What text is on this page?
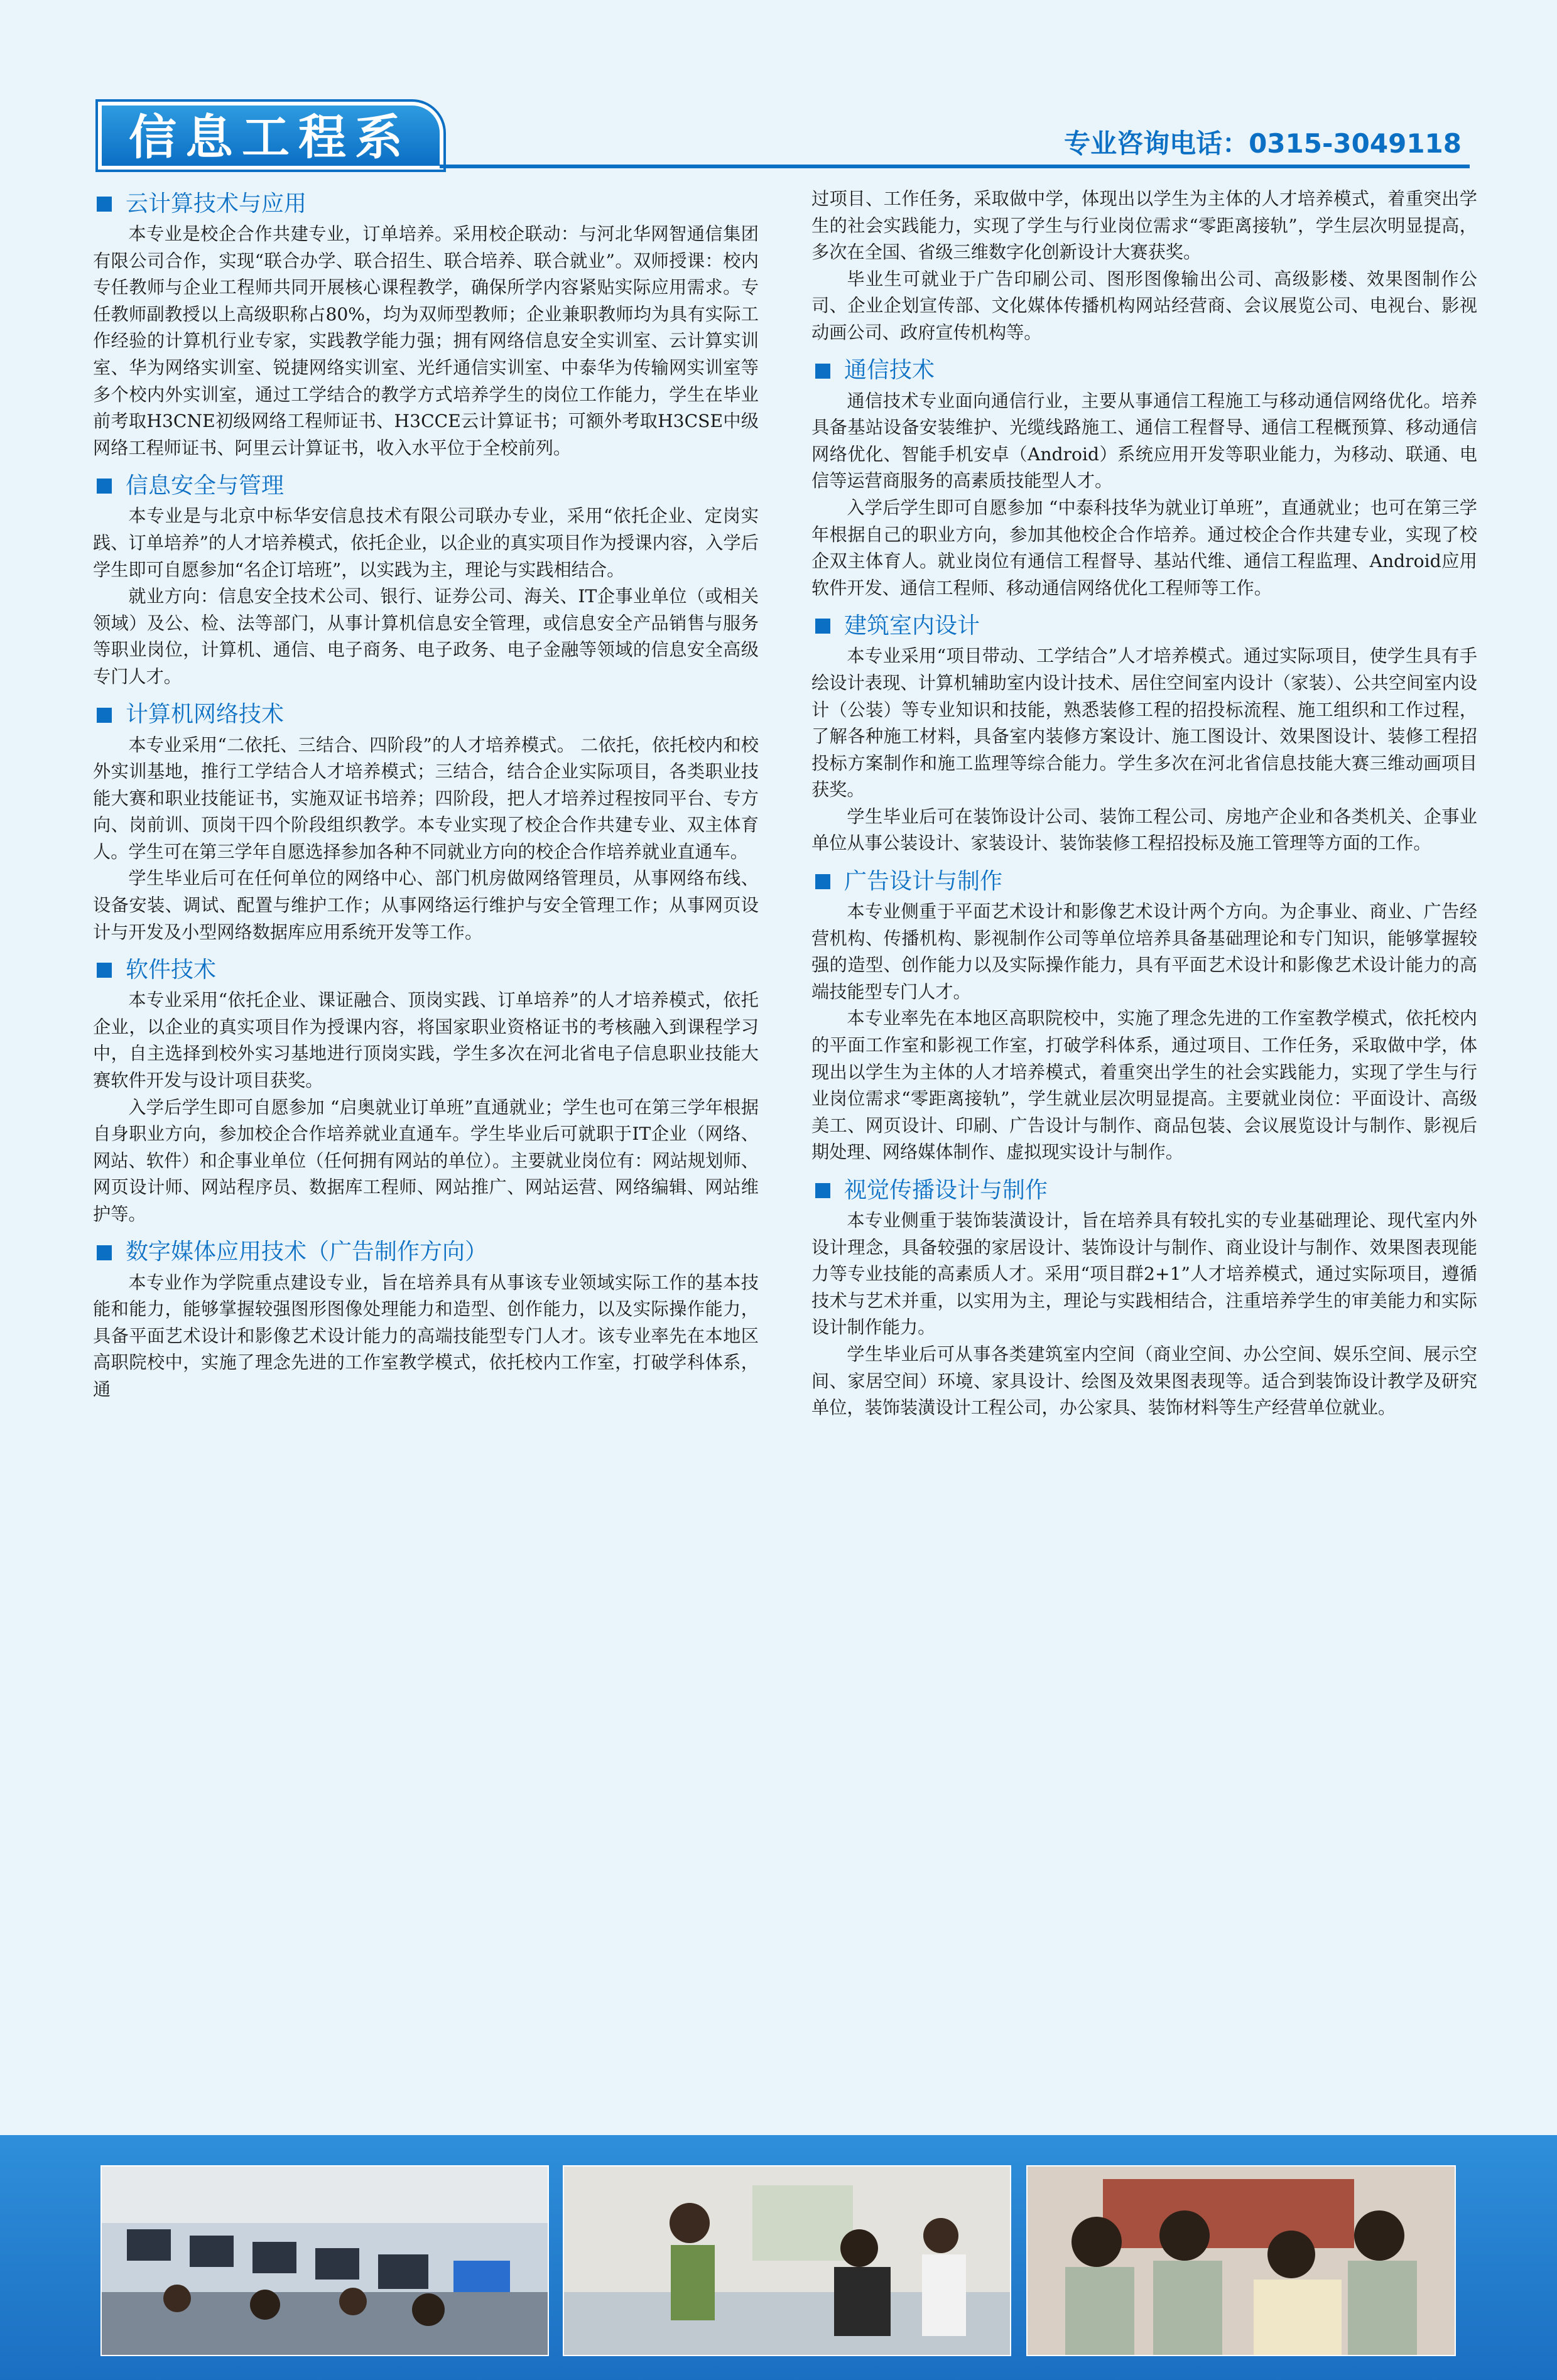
信息工程系	专业咨询电话：0315-3049118
云计算技术与应用

本专业是校企合作共建专业，订单培养。采用校企联动：与河北华网智通信集团有限公司合作，实现“联合办学、联合招生、联合培养、联合就业”。双师授课：校内专任教师与企业工程师共同开展核心课程教学，确保所学内容紧贴实际应用需求。专任教师副教授以上高级职称占80%，均为双师型教师；企业兼职教师均为具有实际工作经验的计算机行业专家，实践教学能力强；拥有网络信息安全实训室、云计算实训室、华为网络实训室、锐捷网络实训室、光纤通信实训室、中泰华为传输网实训室等多个校内外实训室，通过工学结合的教学方式培养学生的岗位工作能力，学生在毕业前考取H3CNE初级网络工程师证书、H3CCE云计算证书；可额外考取H3CSE中级网络工程师证书、阿里云计算证书，收入水平位于全校前列。

信息安全与管理

本专业是与北京中标华安信息技术有限公司联办专业，采用“依托企业、定岗实践、订单培养”的人才培养模式，依托企业，以企业的真实项目作为授课内容，入学后学生即可自愿参加“名企订培班”，以实践为主，理论与实践相结合。

就业方向：信息安全技术公司、银行、证券公司、海关、IT企事业单位（或相关领域）及公、检、法等部门，从事计算机信息安全管理，或信息安全产品销售与服务等职业岗位，计算机、通信、电子商务、电子政务、电子金融等领域的信息安全高级专门人才。

计算机网络技术

本专业采用“二依托、三结合、四阶段”的人才培养模式。 二依托，依托校内和校外实训基地，推行工学结合人才培养模式；三结合，结合企业实际项目，各类职业技能大赛和职业技能证书，实施双证书培养；四阶段，把人才培养过程按同平台、专方向、岗前训、顶岗干四个阶段组织教学。本专业实现了校企合作共建专业、双主体育人。学生可在第三学年自愿选择参加各种不同就业方向的校企合作培养就业直通车。

学生毕业后可在任何单位的网络中心、部门机房做网络管理员，从事网络布线、设备安装、调试、配置与维护工作；从事网络运行维护与安全管理工作；从事网页设计与开发及小型网络数据库应用系统开发等工作。

软件技术

本专业采用“依托企业、课证融合、顶岗实践、订单培养”的人才培养模式，依托企业，以企业的真实项目作为授课内容，将国家职业资格证书的考核融入到课程学习中，自主选择到校外实习基地进行顶岗实践，学生多次在河北省电子信息职业技能大赛软件开发与设计项目获奖。

入学后学生即可自愿参加 “启奥就业订单班”直通就业；学生也可在第三学年根据自身职业方向，参加校企合作培养就业直通车。学生毕业后可就职于IT企业（网络、网站、软件）和企事业单位（任何拥有网站的单位）。主要就业岗位有：网站规划师、网页设计师、网站程序员、数据库工程师、网站推广、网站运营、网络编辑、网站维护等。

数字媒体应用技术（广告制作方向）

本专业作为学院重点建设专业，旨在培养具有从事该专业领域实际工作的基本技能和能力，能够掌握较强图形图像处理能力和造型、创作能力，以及实际操作能力，具备平面艺术设计和影像艺术设计能力的高端技能型专门人才。该专业率先在本地区高职院校中，实施了理念先进的工作室教学模式，依托校内工作室，打破学科体系，通

过项目、工作任务，采取做中学，体现出以学生为主体的人才培养模式，着重突出学生的社会实践能力，实现了学生与行业岗位需求“零距离接轨”，学生层次明显提高，多次在全国、省级三维数字化创新设计大赛获奖。

毕业生可就业于广告印刷公司、图形图像输出公司、高级影楼、效果图制作公司、企业企划宣传部、文化媒体传播机构网站经营商、会议展览公司、电视台、影视动画公司、政府宣传机构等。

通信技术

通信技术专业面向通信行业，主要从事通信工程施工与移动通信网络优化。培养具备基站设备安装维护、光缆线路施工、通信工程督导、通信工程概预算、移动通信网络优化、智能手机安卓（Android）系统应用开发等职业能力，为移动、联通、电信等运营商服务的高素质技能型人才。

入学后学生即可自愿参加 “中泰科技华为就业订单班”，直通就业；也可在第三学年根据自己的职业方向，参加其他校企合作培养。通过校企合作共建专业，实现了校企双主体育人。就业岗位有通信工程督导、基站代维、通信工程监理、Android应用软件开发、通信工程师、移动通信网络优化工程师等工作。

建筑室内设计

本专业采用“项目带动、工学结合”人才培养模式。通过实际项目，使学生具有手绘设计表现、计算机辅助室内设计技术、居住空间室内设计（家装）、公共空间室内设计（公装）等专业知识和技能，熟悉装修工程的招投标流程、施工组织和工作过程，了解各种施工材料，具备室内装修方案设计、施工图设计、效果图设计、装修工程招投标方案制作和施工监理等综合能力。学生多次在河北省信息技能大赛三维动画项目获奖。

学生毕业后可在装饰设计公司、装饰工程公司、房地产企业和各类机关、企事业单位从事公装设计、家装设计、装饰装修工程招投标及施工管理等方面的工作。

广告设计与制作

本专业侧重于平面艺术设计和影像艺术设计两个方向。为企事业、商业、广告经营机构、传播机构、影视制作公司等单位培养具备基础理论和专门知识，能够掌握较强的造型、创作能力以及实际操作能力，具有平面艺术设计和影像艺术设计能力的高端技能型专门人才。

本专业率先在本地区高职院校中，实施了理念先进的工作室教学模式，依托校内的平面工作室和影视工作室，打破学科体系，通过项目、工作任务，采取做中学，体现出以学生为主体的人才培养模式，着重突出学生的社会实践能力，实现了学生与行业岗位需求“零距离接轨”，学生就业层次明显提高。主要就业岗位：平面设计、高级美工、网页设计、印刷、广告设计与制作、商品包装、会议展览设计与制作、影视后期处理、网络媒体制作、虚拟现实设计与制作。

视觉传播设计与制作

本专业侧重于装饰装潢设计，旨在培养具有较扎实的专业基础理论、现代室内外设计理念，具备较强的家居设计、装饰设计与制作、商业设计与制作、效果图表现能力等专业技能的高素质人才。采用“项目群2+1”人才培养模式，通过实际项目，遵循技术与艺术并重，以实用为主，理论与实践相结合，注重培养学生的审美能力和实际设计制作能力。

学生毕业后可从事各类建筑室内空间（商业空间、办公空间、娱乐空间、展示空间、家居空间）环境、家具设计、绘图及效果图表现等。适合到装饰设计教学及研究单位，装饰装潢设计工程公司，办公家具、装饰材料等生产经营单位就业。
